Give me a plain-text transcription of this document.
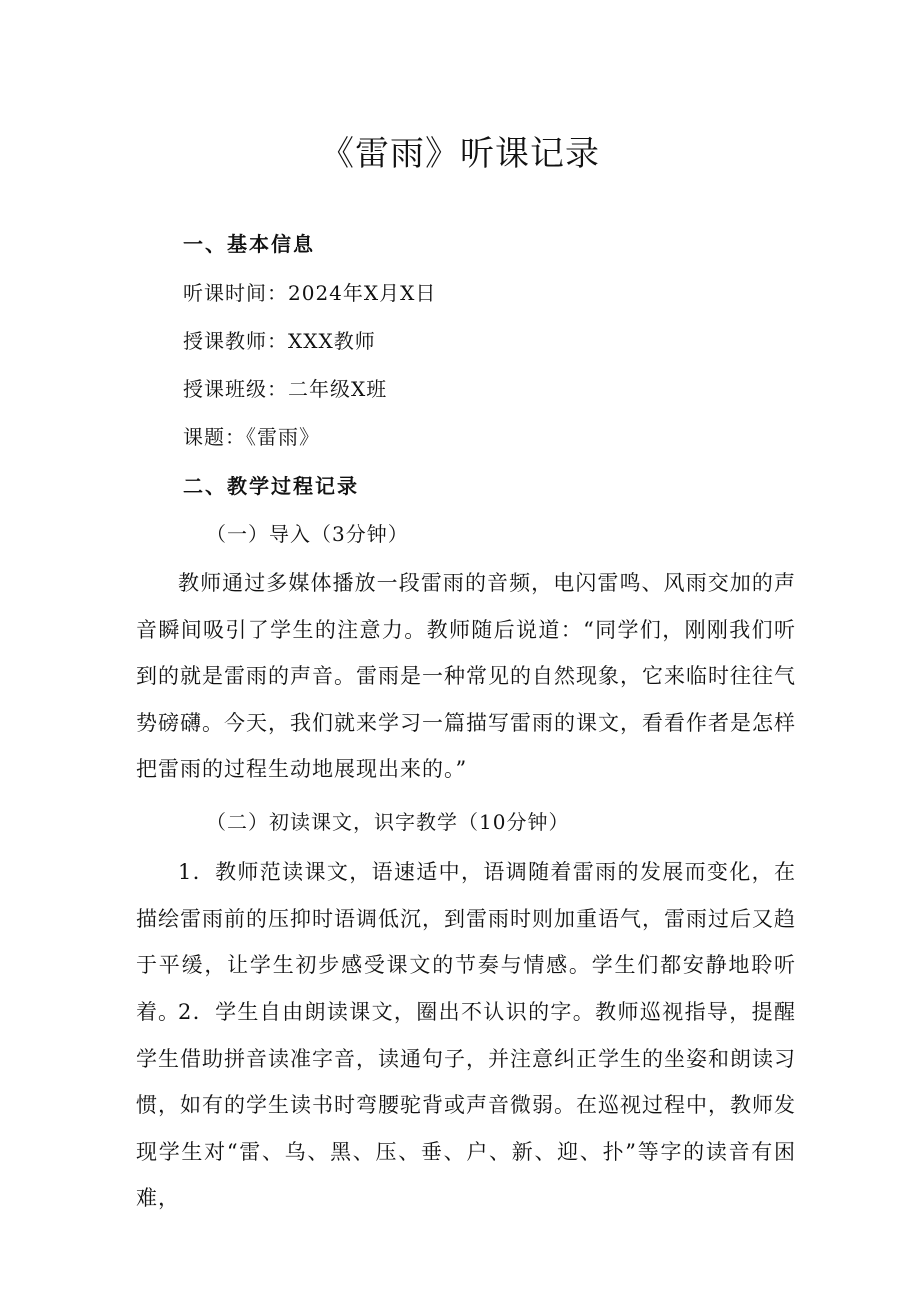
《雷雨》听课记录
一、基本信息
听课时间：2024年X月X日
授课教师：XXX教师
授课班级：二年级X班
课题：《雷雨》
二、教学过程记录
（一）导入（3分钟）

教师通过多媒体播放一段雷雨的音频，电闪雷鸣、风雨交加的声音瞬间吸引了学生的注意力。教师随后说道：“同学们，刚刚我们听到的就是雷雨的声音。雷雨是一种常见的自然现象，它来临时往往气势磅礴。今天，我们就来学习一篇描写雷雨的课文，看看作者是怎样把雷雨的过程生动地展现出来的。”

（二）初读课文，识字教学（10分钟）

1．教师范读课文，语速适中，语调随着雷雨的发展而变化，在描绘雷雨前的压抑时语调低沉，到雷雨时则加重语气，雷雨过后又趋于平缓，让学生初步感受课文的节奏与情感。学生们都安静地聆听着。

2．学生自由朗读课文，圈出不认识的字。教师巡视指导，提醒学生借助拼音读准字音，读通句子，并注意纠正学生的坐姿和朗读习惯，如有的学生读书时弯腰驼背或声音微弱。在巡视过程中，教师发现学生对“雷、乌、黑、压、垂、户、新、迎、扑”等字的读音有困难，
